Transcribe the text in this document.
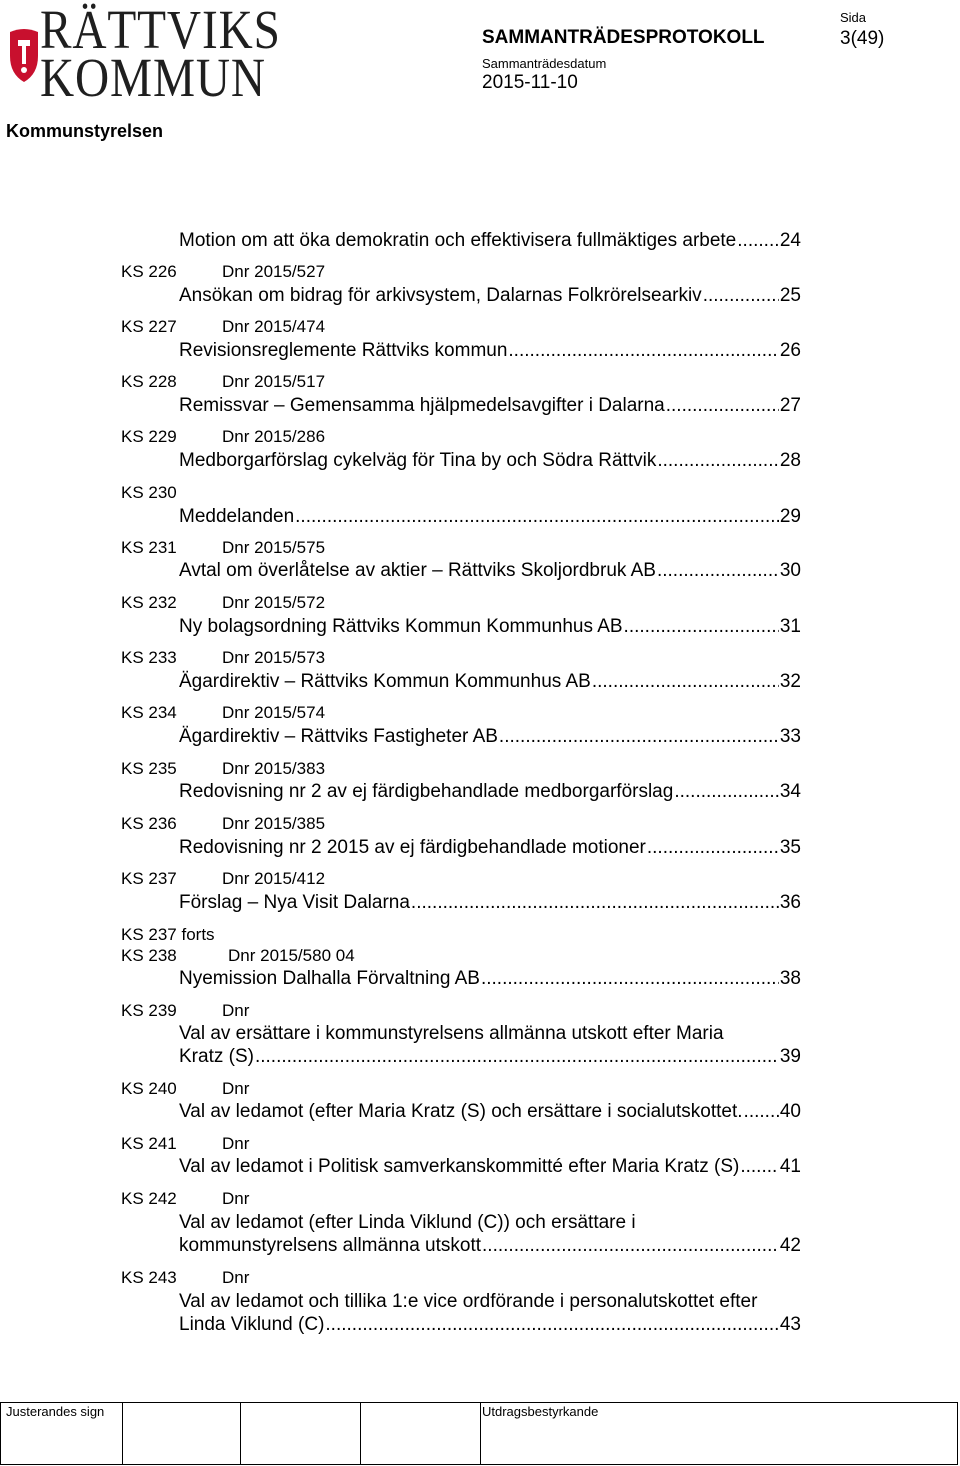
RÄTTVIKS
KOMMUN
SAMMANTRÄDESPROTOKOLL
Sida
3(49)
Sammanträdesdatum
2015-11-10
Kommunstyrelsen
Motion om att öka demokratin och effektivisera fullmäktiges arbete ..... 24
KS 226	Dnr 2015/527
Ansökan om bidrag för arkivsystem, Dalarnas Folkrörelsearkiv .....	25
KS 227	Dnr 2015/474
Revisionsreglemente Rättviks kommun .....	26
KS 228	Dnr 2015/517
Remissvar – Gemensamma hjälpmedelsavgifter i Dalarna .....	27
KS 229	Dnr 2015/286
Medborgarförslag cykelväg för Tina by och Södra Rättvik .....	28
KS 230
Meddelanden .....	29
KS 231	Dnr 2015/575
Avtal om överlåtelse av aktier – Rättviks Skoljordbruk AB .....	30
KS 232	Dnr 2015/572
Ny bolagsordning Rättviks Kommun Kommunhus AB .....	31
KS 233	Dnr 2015/573
Ägardirektiv – Rättviks Kommun Kommunhus AB .....	32
KS 234	Dnr 2015/574
Ägardirektiv – Rättviks Fastigheter AB .....	33
KS 235	Dnr 2015/383
Redovisning nr 2 av ej färdigbehandlade medborgarförslag .....	34
KS 236	Dnr 2015/385
Redovisning nr 2 2015 av ej färdigbehandlade motioner .....	35
KS 237	Dnr 2015/412
Förslag – Nya Visit Dalarna .....	36
KS 237 forts
KS 238	Dnr 2015/580 04
Nyemission Dalhalla Förvaltning AB .....	38
KS 239	Dnr
Val av ersättare i kommunstyrelsens allmänna utskott efter Maria
Kratz (S) .....	39
KS 240	Dnr
Val av ledamot (efter Maria Kratz (S) och ersättare i socialutskottet. ..... 40
KS 241	Dnr
Val av ledamot i Politisk samverkanskommitté efter Maria Kratz (S) ..... 41
KS 242	Dnr
Val av ledamot (efter Linda Viklund (C)) och ersättare i
kommunstyrelsens allmänna utskott .....	42
KS 243	Dnr
Val av ledamot och tillika 1:e vice ordförande i personalutskottet efter
Linda Viklund (C) .....	43
Justerandes sign	Utdragsbestyrkande
